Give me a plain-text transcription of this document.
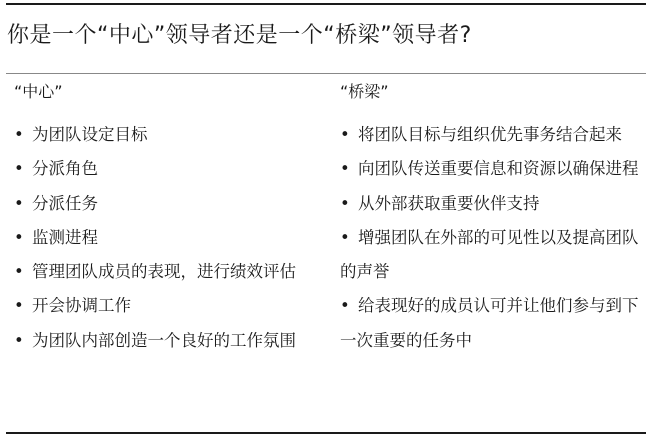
你是一个“中心”领导者还是一个“桥梁”领导者?
“中心”	“桥梁”
• 为团队设定目标
• 分派角色
• 分派任务
• 监测进程
• 管理团队成员的表现，进行绩效评估
• 开会协调工作
• 为团队内部创造一个良好的工作氛围
• 将团队目标与组织优先事务结合起来
• 向团队传送重要信息和资源以确保进程
• 从外部获取重要伙伴支持
• 增强团队在外部的可见性以及提高团队的声誉
• 给表现好的成员认可并让他们参与到下一次重要的任务中
